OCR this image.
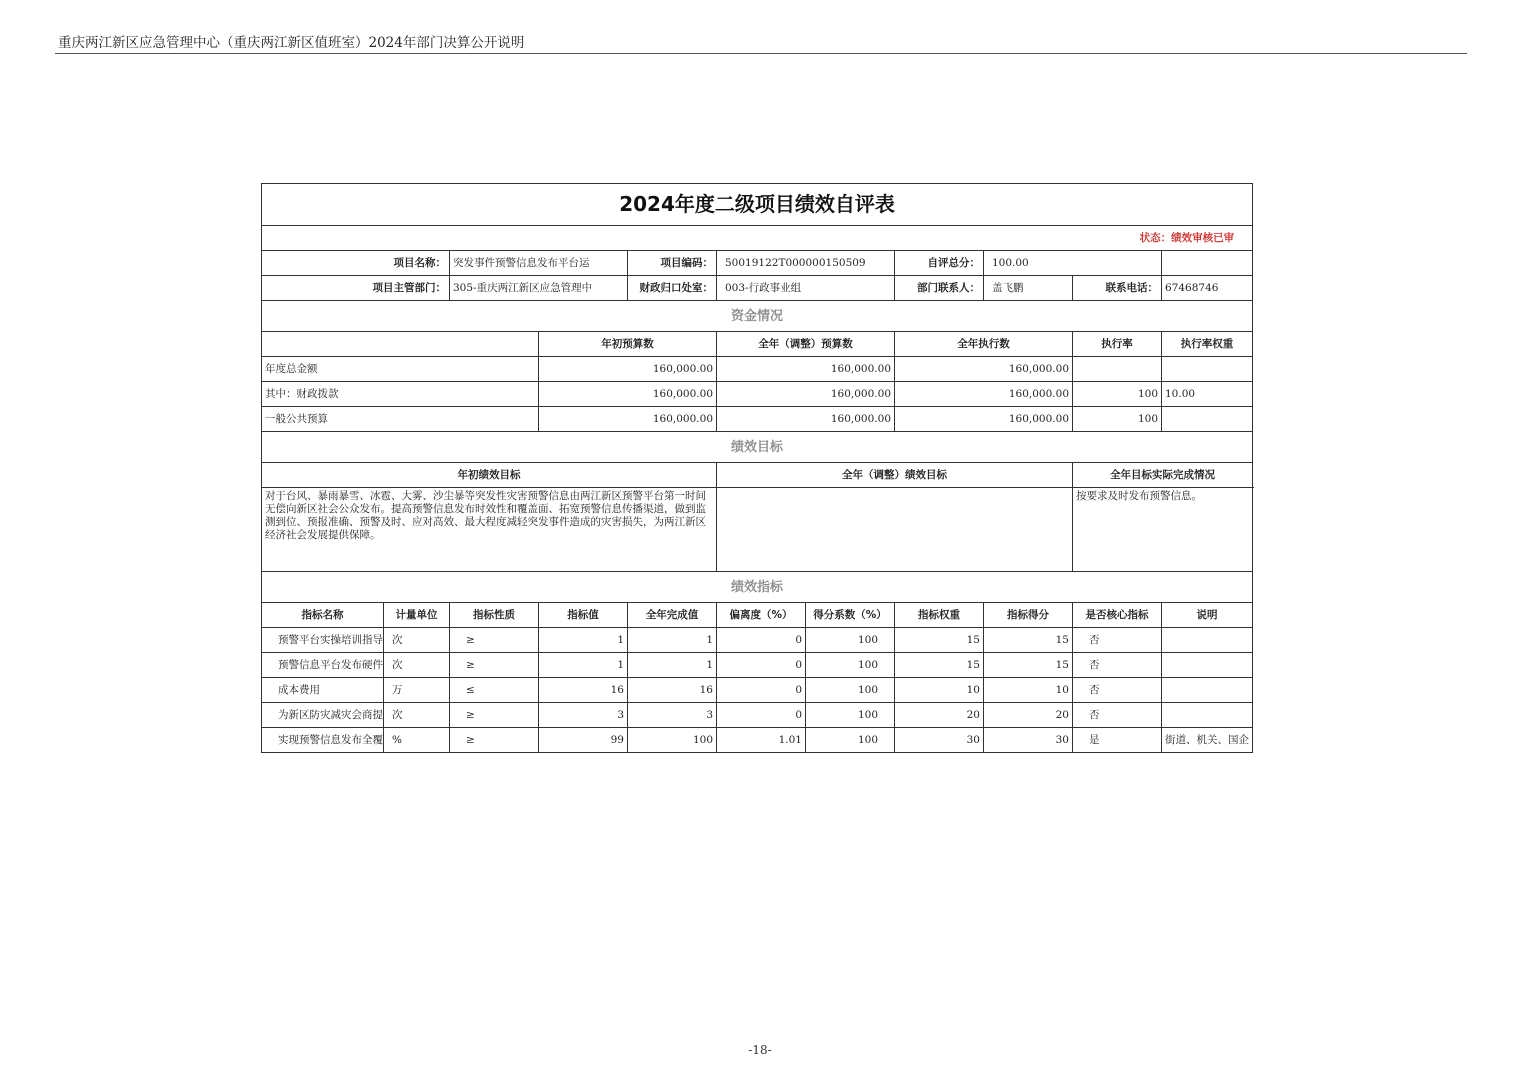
重庆两江新区应急管理中心（重庆两江新区值班室）2024年部门决算公开说明
2024年度二级项目绩效自评表											
状态：绩效审核已审											
项目名称：		突发事件预警信息发布平台运		项目编码：	50019122T000000150509		自评总分：	100.00			
项目主管部门：		305-重庆两江新区应急管理中		财政归口处室：	003-行政事业组		部门联系人：	盖飞鹏	联系电话：	67468746	
资金情况											
			年初预算数		全年（调整）预算数		全年执行数		执行率	执行率权重	
年度总金额			160,000.00		160,000.00		160,000.00				
其中：财政拨款			160,000.00		160,000.00		160,000.00		100	10.00	
一般公共预算			160,000.00		160,000.00		160,000.00		100		
绩效目标											
年初绩效目标					全年（调整）绩效目标				全年目标实际完成情况		
对于台风、暴雨暴雪、冰雹、大雾、沙尘暴等突发性灾害预警信息由两江新区预警平台第一时间无偿向新区社会公众发布。提高预警信息发布时效性和覆盖面、拓宽预警信息传播渠道，做到监测到位、预报准确、预警及时、应对高效、最大程度减轻突发事件造成的灾害损失，为两江新区经济社会发展提供保障。									按要求及时发布预警信息。		
绩效指标											
指标名称	计量单位	指标性质	指标值	全年完成值	偏离度（%）	得分系数（%）	指标权重	指标得分	是否核心指标	说明	
预警平台实操培训指导	次	≥	1	1	0	100	15	15	否		
预警信息平台发布硬件	次	≥	1	1	0	100	15	15	否		
成本费用	万	≤	16	16	0	100	10	10	否		
为新区防灾减灾会商提	次	≥	3	3	0	100	20	20	否		
实现预警信息发布全覆	%	≥	99	100	1.01	100	30	30	是	街道、机关、国企	
-18-
